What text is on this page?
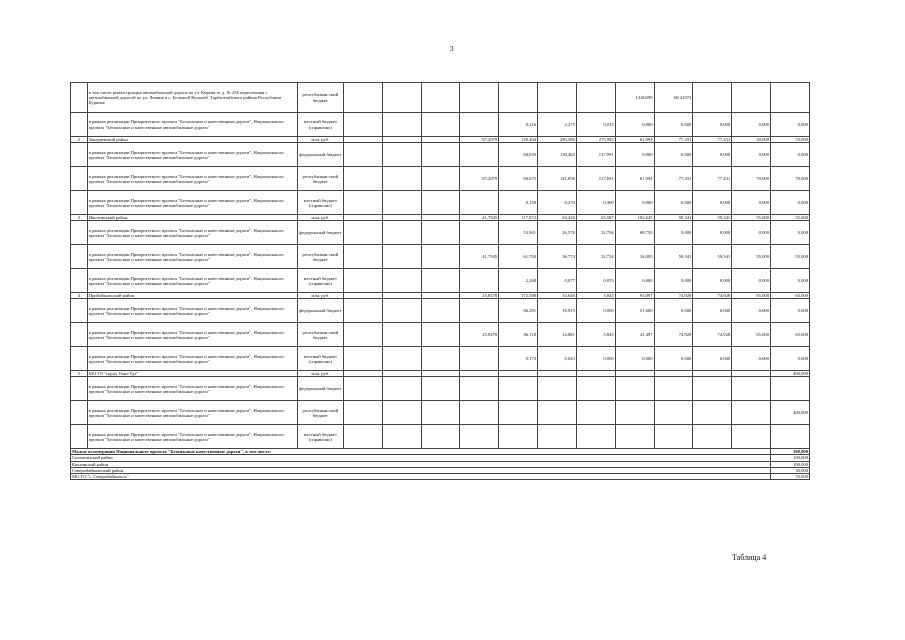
3
	в том числе реконструкция автомобильной дороги по ул. Кирова от д. № 256 пересечения с автомобильной дорогой по ул. Ленина в с. Большой Куналей, Тарбагатайского района Республики Бурятия	республикан-ский бюджет								14.60299	68.41072				
	в рамках реализации Приоритетного проекта "Безопасные и качественные дороги", Национального проекта "Безопасные и качественные автомобильные дороги"	местный бюджет (справочно)					0,216	2,275	0,015	0,000	0,000	0,000	0,000	0,000	
2	Заиграевский район	млн. руб.				87,2079	149,494	280,589	275,983	61,994	77,431	77,431	30,000	70,000	
	в рамках реализации Приоритетного проекта "Безопасные и качественные дороги", Национального проекта "Безопасные и качественные автомобильные дороги"	федеральный бюджет					68,659	138,483	137,991	0,000	0,000	0,000	0,000	0,000	
	в рамках реализации Приоритетного проекта "Безопасные и качественные дороги", Национального проекта "Безопасные и качественные автомобильные дороги"	республикан-ский бюджет				87,2079	80,675	141,836	137,691	61,994	77,431	77,431	70,000	70,000	
	в рамках реализации Приоритетного проекта "Безопасные и качественные дороги", Национального проекта "Безопасные и качественные автомобильные дороги"	местный бюджет (справочно)					0,150	0,270	0,300	0,000	0,000	0,000	0,000	0,000	
3	Иволгинский район	млн. руб.				41,7945	117,872	63,426	65,587	102,645	59,341	59,341	55,000	55,000	
	в рамках реализации Приоритетного проекта "Безопасные и качественные дороги", Национального проекта "Безопасные и качественные автомобильные дороги"	федеральный бюджет					53,901	26,576	32,794	68,750	0,000	0,000	0,000	0,000	
	в рамках реализации Приоритетного проекта "Безопасные и качественные дороги", Национального проекта "Безопасные и качественные автомобильные дороги"	республикан-ский бюджет				41,7945	61,704	36,774	32,724	34,095	59,341	59,341	55,000	55,000	
	в рамках реализации Приоритетного проекта "Безопасные и качественные дороги", Национального проекта "Безопасные и качественные автомобильные дороги"	местный бюджет (справочно)					2,268	0,077	0,070	0,000	0,000	0,000	0,000	0,000	
4	Прибайкальский район	млн. руб.				25,8478	172,580	33,640	5,845	93,097	74,928	74,928	65,000	65,000	
	в рамках реализации Приоритетного проекта "Безопасные и качественные дороги", Национального проекта "Безопасные и качественные автомобильные дороги"	федеральный бюджет					86,291	18,915	0,000	51,600	0,000	0,000	0,000	0,000	
	в рамках реализации Приоритетного проекта "Безопасные и качественные дороги", Национального проекта "Безопасные и качественные автомобильные дороги"	республикан-ский бюджет				25,8478	86,118	14,881	5,845	41,497	74,928	74,928	65,000	65,000	
	в рамках реализации Приоритетного проекта "Безопасные и качественные дороги", Национального проекта "Безопасные и качественные автомобильные дороги"	местный бюджет (справочно)					0,173	0,043	0,000	0,000	0,000	0,000	0,000	0,000	
5	МО ГО "город Улан-Удэ"	млн. руб.												400,000	
	в рамках реализации Приоритетного проекта "Безопасные и качественные дороги", Национального проекта "Безопасные и качественные автомобильные дороги"	федеральный бюджет													
	в рамках реализации Приоритетного проекта "Безопасные и качественные дороги", Национального проекта "Безопасные и качественные автомобильные дороги"	республикан-ский бюджет												400,000	
	в рамках реализации Приоритетного проекта "Безопасные и качественные дороги", Национального проекта "Безопасные и качественные автомобильные дороги"	местный бюджет (справочно)													
Малые агломерации Национального проекта "Безопасные качественные дороги", в том числе:														300,000	
Селенгинский район														100,000	
Кяхтинский район														100,000	
Северобайкальский район														30,000	
МО ГО "г. Северобайкальск"														70,000	
Таблица 4
